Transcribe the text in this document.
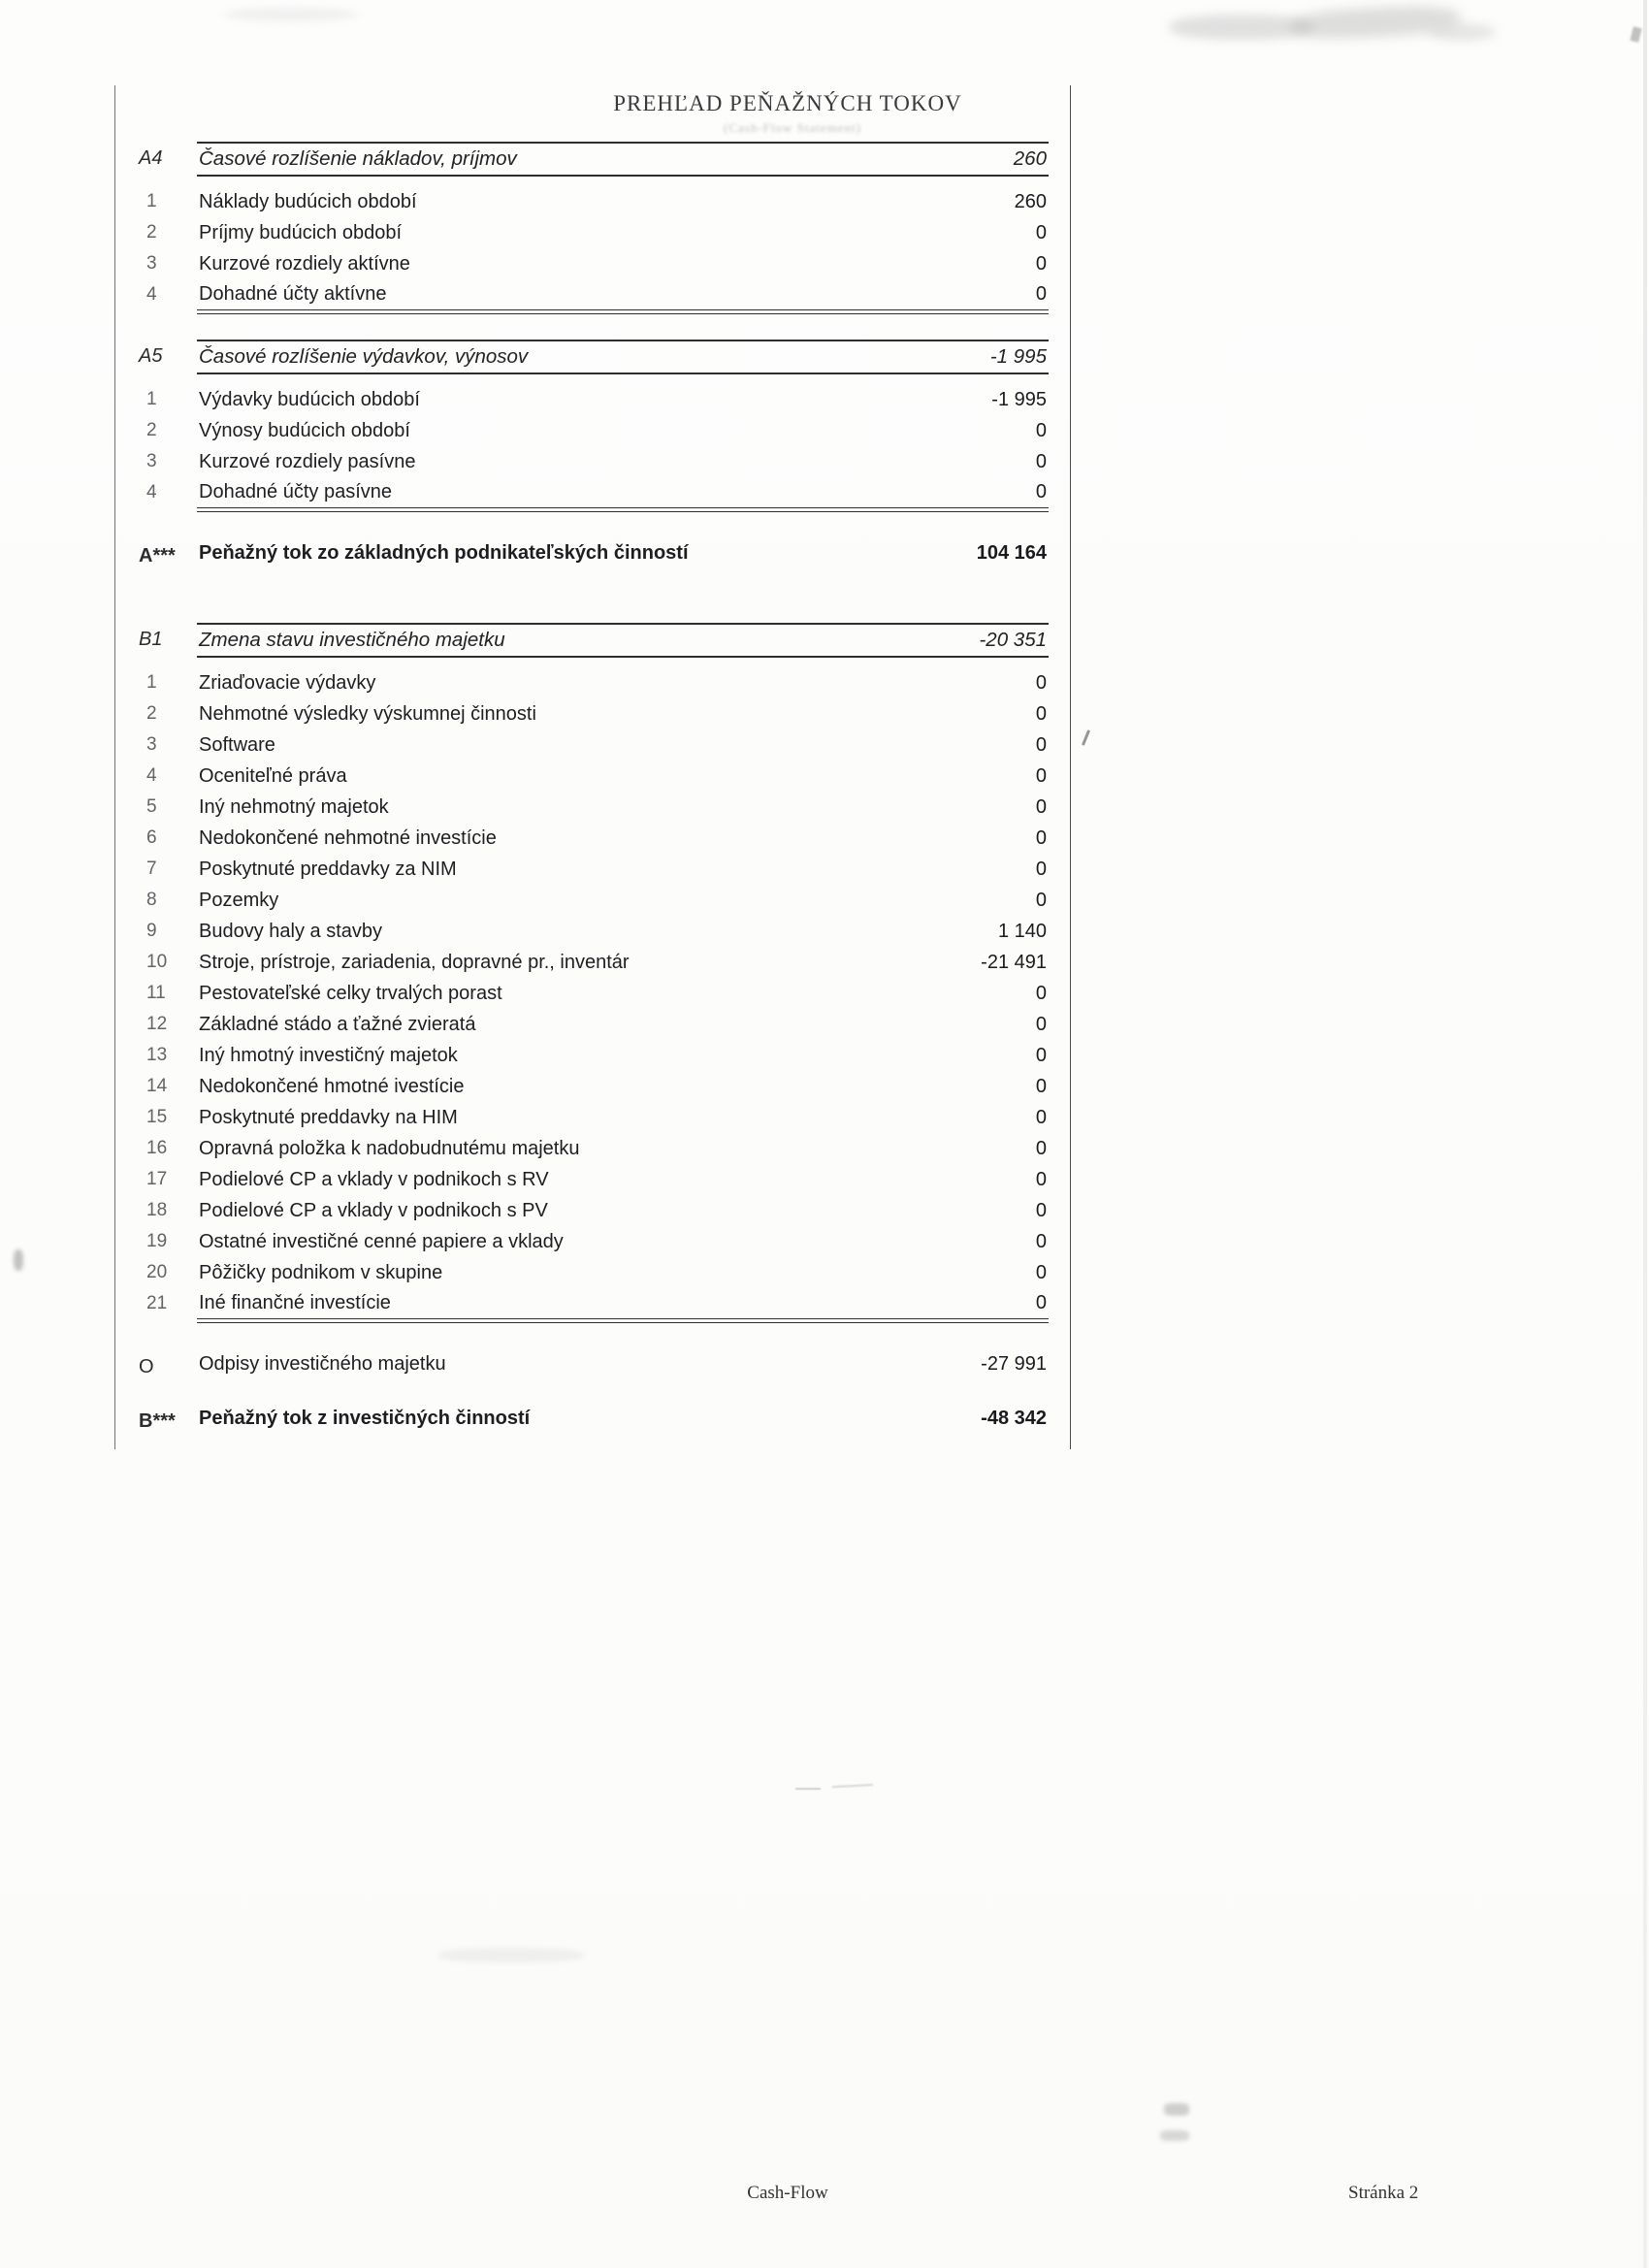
PREHĽAD PEŇAŽNÝCH TOKOV
(Cash-Flow Statement)
A4	Časové rozlíšenie nákladov, príjmov	260
1	Náklady budúcich období	260
2	Príjmy budúcich období	0
3	Kurzové rozdiely aktívne	0
4	Dohadné účty aktívne	0
A5	Časové rozlíšenie výdavkov, výnosov	-1 995
1	Výdavky budúcich období	-1 995
2	Výnosy budúcich období	0
3	Kurzové rozdiely pasívne	0
4	Dohadné účty pasívne	0
A***	Peňažný tok zo základných podnikateľských činností	104 164
B1	Zmena stavu investičného majetku	-20 351
1	Zriaďovacie výdavky	0
2	Nehmotné výsledky výskumnej činnosti	0
3	Software	0
4	Oceniteľné práva	0
5	Iný nehmotný majetok	0
6	Nedokončené nehmotné investície	0
7	Poskytnuté preddavky za NIM	0
8	Pozemky	0
9	Budovy haly a stavby	1 140
10	Stroje, prístroje, zariadenia, dopravné pr., inventár	-21 491
11	Pestovateľské celky trvalých porast	0
12	Základné stádo a ťažné zvieratá	0
13	Iný hmotný investičný majetok	0
14	Nedokončené hmotné ivestície	0
15	Poskytnuté preddavky na HIM	0
16	Opravná položka k nadobudnutému majetku	0
17	Podielové CP a vklady v podnikoch s RV	0
18	Podielové CP a vklady v podnikoch s PV	0
19	Ostatné investičné cenné papiere a vklady	0
20	Pôžičky podnikom v skupine	0
21	Iné finančné investície	0
O	Odpisy investičného majetku	-27 991
B***	Peňažný tok z investičných činností	-48 342
Cash-Flow	Stránka 2
